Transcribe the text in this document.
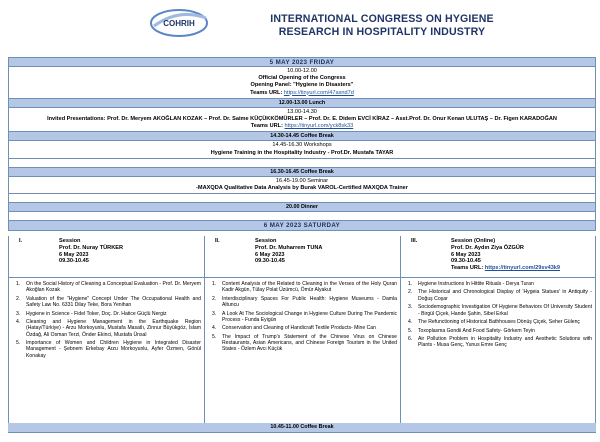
COHRIH	INTERNATIONAL CONGRESS ON HYGIENE
RESEARCH IN HOSPITALITY INDUSTRY
5 MAY 2023 FRIDAY
10.00-12.00
Official Opening of the Congress
Opening Panel: "Hygiene in Disasters"
Teams URL: https://tinyurl.com/47asnd7d
12.00-13.00 Lunch
13.00-14.30
Invited Presentations: Prof. Dr. Meryem AKOĞLAN KOZAK – Prof. Dr. Saime KÜÇÜKKÖMÜRLER – Prof. Dr. E. Didem EVCİ KİRAZ – Asst.Prof. Dr. Onur Kenan ULUTAŞ – Dr. Figen KARADOĞAN
Teams URL: https://tinyurl.com/yck8sk33
14.30-14.45 Coffee Break
14.45-16.30 Workshops
Hygiene Training in the Hospitality Industry - Prof.Dr. Mustafa TAYAR
16.30-16.45 Coffee Break
16.45-19.00 Seminar
-MAXQDA Qualitative Data Analysis by Burak VAROL-Certified MAXQDA Trainer
20.00 Dinner
6 MAY 2023 SATURDAY
I.	Session
Prof. Dr. Nuray TÜRKER
6 May 2023
09.30-10.45
1.	On the Social History of Cleaning a Conceptual Evaluation - Prof. Dr. Meryem Akoğlan Kozak
2.	Valuation of the "Hygiene" Concept Under The Occupational Health and Safety Law No. 6331 Dilay Teke, Bora Yenihan
3.	Hygiene in Science - Fidel Toker, Doç. Dr. Hatice Güçlü Nergiz
4.	Cleaning and Hygiene Management in the Earthquake Region (Hatay/Türkiye) - Arzu Morkoyunlu, Mustafa Masatlı, Zinnur Büyükgöz, İslam Özdağ, Ali Osman Terzi, Önder Ekinci, Mustafa Ünsal
5.	Importance of Women and Children Hygiene in Integrated Disaster Management - Şebnem Erkebay Arzu Morkoyunlu, Ayfer Özmen, Gönül Konakay
II.	Session
Prof. Dr. Muharrem TUNA
6 May 2023
09.30-10.45
1.	Content Analysis of the Related to Cleaning in the Verses of the Holy Quran Kadir Akgün, Tülay Polat Üzümcü, Ömür Alyakut
2.	Interdisciplinary Spaces For Public Health: Hygiene Museums - Damla Altuncu
3.	A Look At The Sociological Change in Hygiene Culture During The Pandemic Process - Funda Eyigün
4.	Conservation and Cleaning of Handicraft Textile Products- Mine Can
5.	The Impact of Trump's Statement of the Chinese Virus on Chinese Restaurants, Asian Americans, and Chinese Foreign Tourism in the United States - Özlem Avcı Küçük
III.	Session (Online)
Prof. Dr. Aydın Ziya ÖZGÜR
6 May 2023
09.30-10.45
Teams URL: https://tinyurl.com/29sv43k9
1.	Hygiene Instructions In Hittite Rituals - Derya Turan
2.	The Historical and Chronological Display of 'Hygeia Statues' in Antiquity - Doğuş Coşar
3.	Sociodemographic Investigation Of Hygiene Behaviors Of University Student - Birgül Çiçek, Hande Şahin, Sibel Erkal
4.	The Refunctioning of Historical Bathhouses Dönüş Çiçek, Seher Gülenç
5.	Toxoplasma Gondii And Food Safety- Görkem Teyin
6.	Air Pollution Problem in Hospitality Industry and Aesthetic Solutions with Plants - Musa Genç, Yunus Emre Genç
10.45-11.00 Coffee Break
